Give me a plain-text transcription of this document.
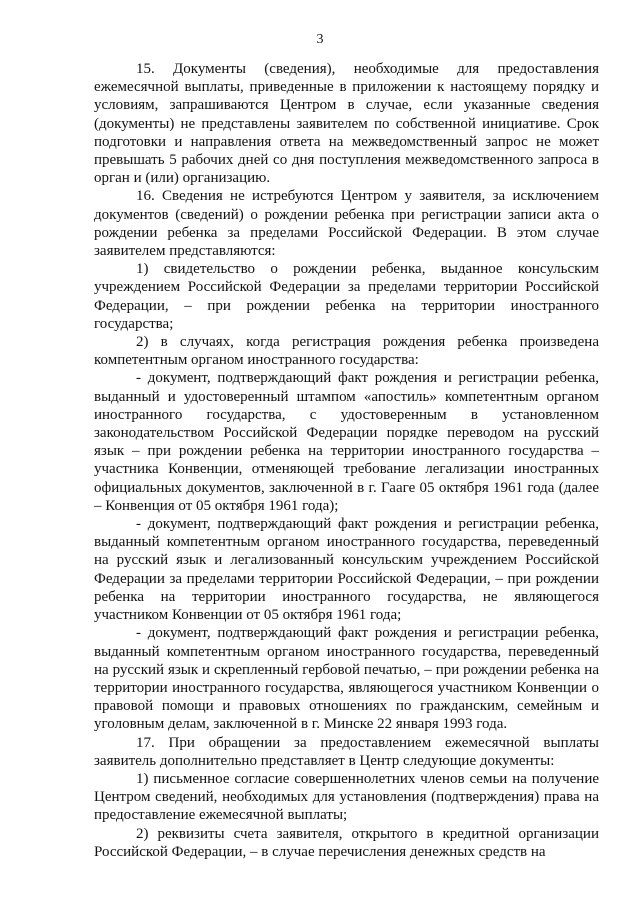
3

15. Документы (сведения), необходимые для предоставления ежемесячной выплаты, приведенные в приложении к настоящему порядку и условиям, запрашиваются Центром в случае, если указанные сведения (документы) не представлены заявителем по собственной инициативе. Срок подготовки и направления ответа на межведомственный запрос не может превышать 5 рабочих дней со дня поступления межведомственного запроса в орган и (или) организацию.

16. Сведения не истребуются Центром у заявителя, за исключением документов (сведений) о рождении ребенка при регистрации записи акта о рождении ребенка за пределами Российской Федерации. В этом случае заявителем представляются:

1) свидетельство о рождении ребенка, выданное консульским учреждением Российской Федерации за пределами территории Российской Федерации, – при рождении ребенка на территории иностранного государства;

2) в случаях, когда регистрация рождения ребенка произведена компетентным органом иностранного государства:

- документ, подтверждающий факт рождения и регистрации ребенка, выданный и удостоверенный штампом «апостиль» компетентным органом иностранного государства, с удостоверенным в установленном законодательством Российской Федерации порядке переводом на русский язык – при рождении ребенка на территории иностранного государства – участника Конвенции, отменяющей требование легализации иностранных официальных документов, заключенной в г. Гааге 05 октября 1961 года (далее – Конвенция от 05 октября 1961 года);

- документ, подтверждающий факт рождения и регистрации ребенка, выданный компетентным органом иностранного государства, переведенный на русский язык и легализованный консульским учреждением Российской Федерации за пределами территории Российской Федерации, – при рождении ребенка на территории иностранного государства, не являющегося участником Конвенции от 05 октября 1961 года;

- документ, подтверждающий факт рождения и регистрации ребенка, выданный компетентным органом иностранного государства, переведенный на русский язык и скрепленный гербовой печатью, – при рождении ребенка на территории иностранного государства, являющегося участником Конвенции о правовой помощи и правовых отношениях по гражданским, семейным и уголовным делам, заключенной в г. Минске 22 января 1993 года.

17. При обращении за предоставлением ежемесячной выплаты заявитель дополнительно представляет в Центр следующие документы:

1) письменное согласие совершеннолетних членов семьи на получение Центром сведений, необходимых для установления (подтверждения) права на предоставление ежемесячной выплаты;

2) реквизиты счета заявителя, открытого в кредитной организации Российской Федерации, – в случае перечисления денежных средств на
